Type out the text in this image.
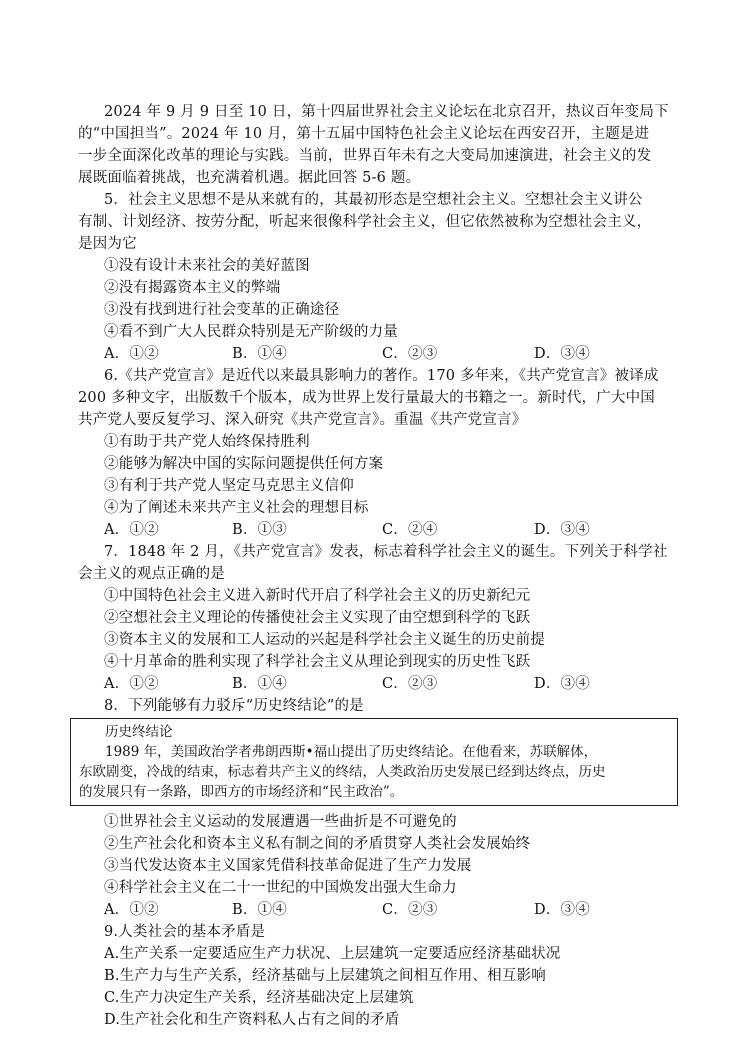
2024 年 9 月 9 日至 10 日，第十四届世界社会主义论坛在北京召开，热议百年变局下
的“中国担当”。2024 年 10 月，第十五届中国特色社会主义论坛在西安召开，主题是进
一步全面深化改革的理论与实践。当前，世界百年未有之大变局加速演进，社会主义的发
展既面临着挑战，也充满着机遇。据此回答 5-6 题。
5．社会主义思想不是从来就有的，其最初形态是空想社会主义。空想社会主义讲公
有制、计划经济、按劳分配，听起来很像科学社会主义，但它依然被称为空想社会主义，
是因为它
①没有设计未来社会的美好蓝图
②没有揭露资本主义的弊端
③没有找到进行社会变革的正确途径
④看不到广大人民群众特别是无产阶级的力量
A．①②	B．①④	C．②③	D．③④
6.《共产党宣言》是近代以来最具影响力的著作。170 多年来，《共产党宣言》被译成
200 多种文字，出版数千个版本，成为世界上发行量最大的书籍之一。新时代，广大中国
共产党人要反复学习、深入研究《共产党宣言》。重温《共产党宣言》
①有助于共产党人始终保持胜利
②能够为解决中国的实际问题提供任何方案
③有利于共产党人坚定马克思主义信仰
④为了阐述未来共产主义社会的理想目标
A．①②	B．①③	C．②④	D．③④
7．1848 年 2 月，《共产党宣言》发表，标志着科学社会主义的诞生。下列关于科学社
会主义的观点正确的是
①中国特色社会主义进入新时代开启了科学社会主义的历史新纪元
②空想社会主义理论的传播使社会主义实现了由空想到科学的飞跃
③资本主义的发展和工人运动的兴起是科学社会主义诞生的历史前提
④十月革命的胜利实现了科学社会主义从理论到现实的历史性飞跃
A．①②	B．①④	C．②③	D．③④
8．下列能够有力驳斥“历史终结论”的是
历史终结论
1989 年，美国政治学者弗朗西斯•福山提出了历史终结论。在他看来，苏联解体，
东欧剧变，冷战的结束，标志着共产主义的终结，人类政治历史发展已经到达终点，历史
的发展只有一条路，即西方的市场经济和“民主政治”。
①世界社会主义运动的发展遭遇一些曲折是不可避免的
②生产社会化和资本主义私有制之间的矛盾贯穿人类社会发展始终
③当代发达资本主义国家凭借科技革命促进了生产力发展
④科学社会主义在二十一世纪的中国焕发出强大生命力
A．①②	B．①④	C．②③	D．③④
9.人类社会的基本矛盾是
A.生产关系一定要适应生产力状况、上层建筑一定要适应经济基础状况
B.生产力与生产关系，经济基础与上层建筑之间相互作用、相互影响
C.生产力决定生产关系，经济基础决定上层建筑
D.生产社会化和生产资料私人占有之间的矛盾
